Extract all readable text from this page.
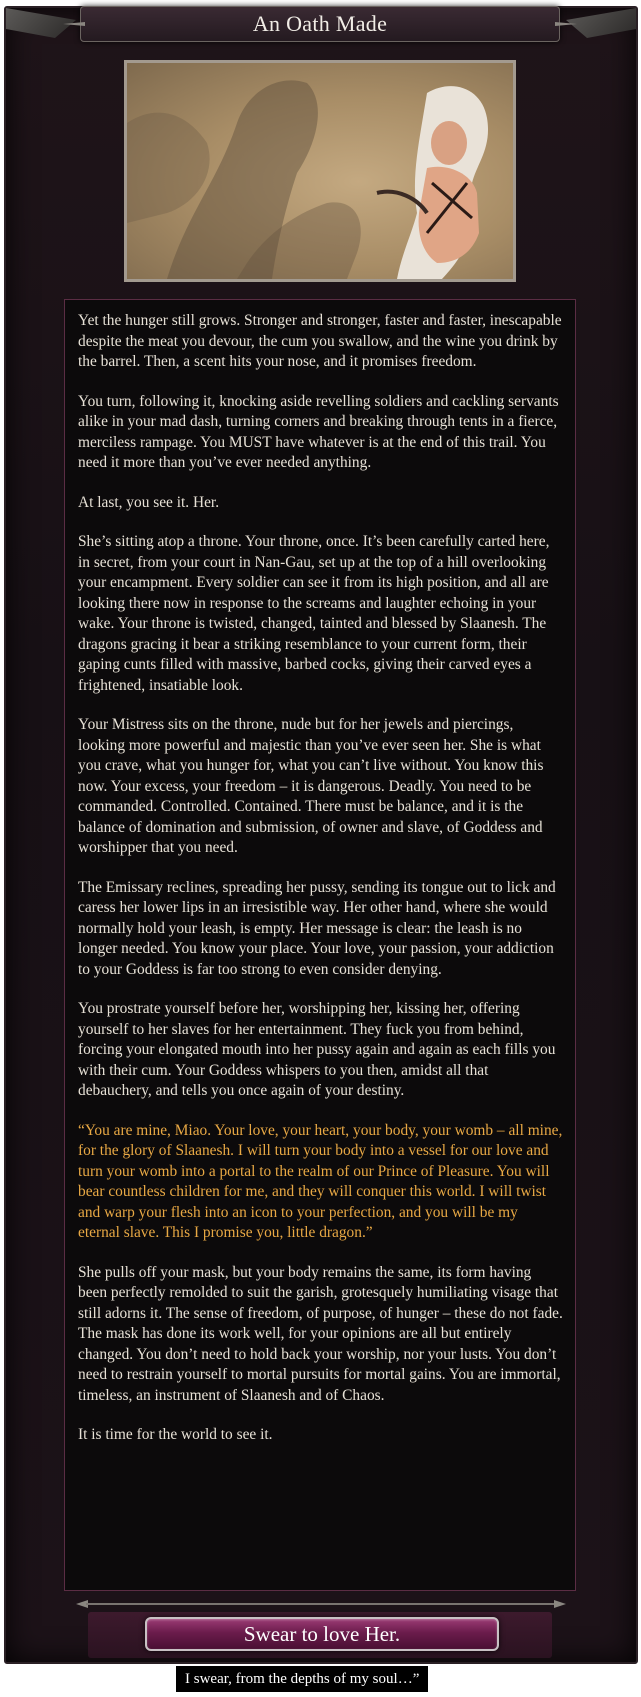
An Oath Made

Yet the hunger still grows. Stronger and stronger, faster and faster, inescapable despite the meat you devour, the cum you swallow, and the wine you drink by the barrel. Then, a scent hits your nose, and it promises freedom.

You turn, following it, knocking aside revelling soldiers and cackling servants alike in your mad dash, turning corners and breaking through tents in a fierce, merciless rampage. You MUST have whatever is at the end of this trail. You need it more than you’ve ever needed anything.

At last, you see it. Her.

She’s sitting atop a throne. Your throne, once. It’s been carefully carted here, in secret, from your court in Nan-Gau, set up at the top of a hill overlooking your encampment. Every soldier can see it from its high position, and all are looking there now in response to the screams and laughter echoing in your wake. Your throne is twisted, changed, tainted and blessed by Slaanesh. The dragons gracing it bear a striking resemblance to your current form, their gaping cunts filled with massive, barbed cocks, giving their carved eyes a frightened, insatiable look.

Your Mistress sits on the throne, nude but for her jewels and piercings, looking more powerful and majestic than you’ve ever seen her. She is what you crave, what you hunger for, what you can’t live without. You know this now. Your excess, your freedom – it is dangerous. Deadly. You need to be commanded. Controlled. Contained. There must be balance, and it is the balance of domination and submission, of owner and slave, of Goddess and worshipper that you need.

The Emissary reclines, spreading her pussy, sending its tongue out to lick and caress her lower lips in an irresistible way. Her other hand, where she would normally hold your leash, is empty. Her message is clear: the leash is no longer needed. You know your place. Your love, your passion, your addiction to your Goddess is far too strong to even consider denying.

You prostrate yourself before her, worshipping her, kissing her, offering yourself to her slaves for her entertainment. They fuck you from behind, forcing your elongated mouth into her pussy again and again as each fills you with their cum. Your Goddess whispers to you then, amidst all that debauchery, and tells you once again of your destiny.

“You are mine, Miao. Your love, your heart, your body, your womb – all mine, for the glory of Slaanesh. I will turn your body into a vessel for our love and turn your womb into a portal to the realm of our Prince of Pleasure. You will bear countless children for me, and they will conquer this world. I will twist and warp your flesh into an icon to your perfection, and you will be my eternal slave. This I promise you, little dragon.”

She pulls off your mask, but your body remains the same, its form having been perfectly remolded to suit the garish, grotesquely humiliating visage that still adorns it. The sense of freedom, of purpose, of hunger – these do not fade. The mask has done its work well, for your opinions are all but entirely changed. You don’t need to hold back your worship, nor your lusts. You don’t need to restrain yourself to mortal pursuits for mortal gains. You are immortal, timeless, an instrument of Slaanesh and of Chaos.

It is time for the world to see it.

Swear to love Her.
I swear, from the depths of my soul…”
